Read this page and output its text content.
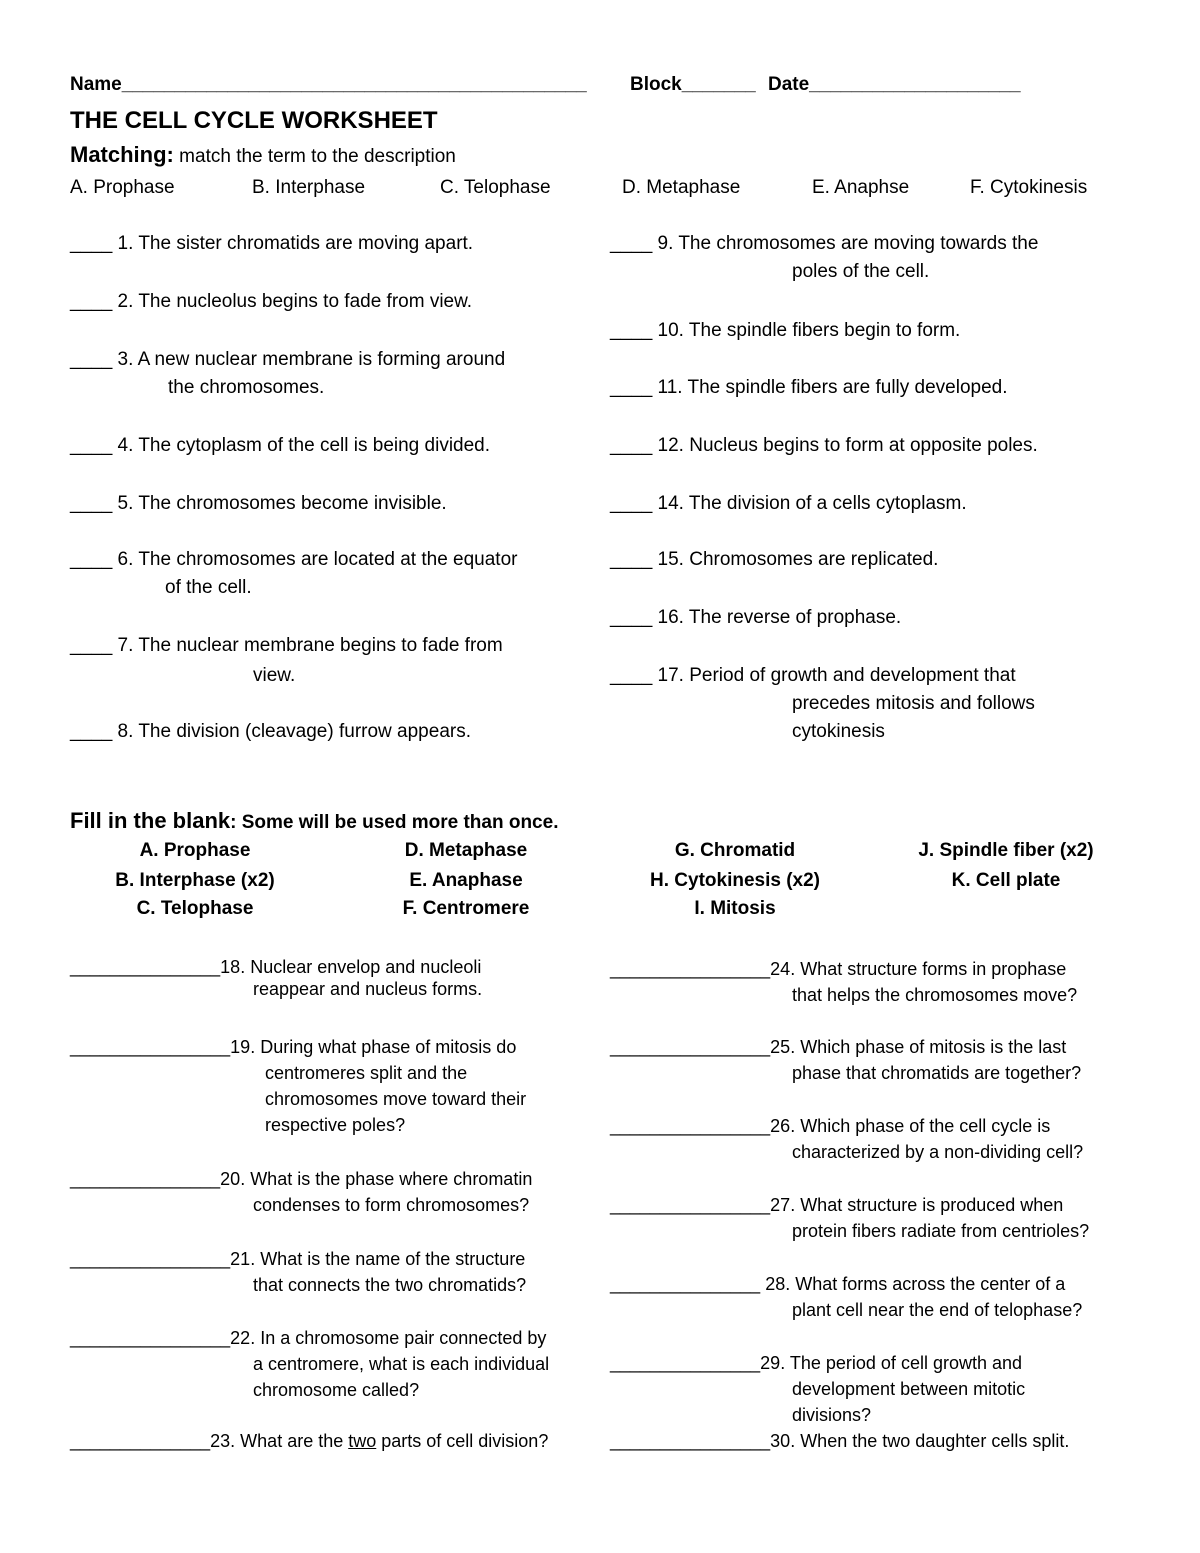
Name____________________________________________ Block_______ Date____________________
THE CELL CYCLE WORKSHEET
Matching: match the term to the description
A. Prophase	B. Interphase	C. Telophase	D. Metaphase	E. Anaphse	F. Cytokinesis
____ 1. The sister chromatids are moving apart.
____ 2. The nucleolus begins to fade from view.
____ 3. A new nuclear membrane is forming around
the chromosomes.
____ 4. The cytoplasm of the cell is being divided.
____ 5. The chromosomes become invisible.
____ 6. The chromosomes are located at the equator
of the cell.
____ 7. The nuclear membrane begins to fade from
view.
____ 8. The division (cleavage) furrow appears.
____ 9. The chromosomes are moving towards the
poles of the cell.
____ 10. The spindle fibers begin to form.
____ 11. The spindle fibers are fully developed.
____ 12. Nucleus begins to form at opposite poles.
____ 14. The division of a cells cytoplasm.
____ 15. Chromosomes are replicated.
____ 16. The reverse of prophase.
____ 17. Period of growth and development that
precedes mitosis and follows
cytokinesis
Fill in the blank: Some will be used more than once.
A. Prophase
B. Interphase (x2)
C. Telophase
D. Metaphase
E. Anaphase
F. Centromere
G. Chromatid
H. Cytokinesis (x2)
I. Mitosis
J. Spindle fiber (x2)
K. Cell plate
_______________18. Nuclear envelop and nucleoli
reappear and nucleus forms.
________________19. During what phase of mitosis do
centromeres split and the
chromosomes move toward their
respective poles?
_______________20. What is the phase where chromatin
condenses to form chromosomes?
________________21. What is the name of the structure
that connects the two chromatids?
________________22. In a chromosome pair connected by
a centromere, what is each individual
chromosome called?
______________23. What are the two parts of cell division?
________________24. What structure forms in prophase
that helps the chromosomes move?
________________25. Which phase of mitosis is the last
phase that chromatids are together?
________________26. Which phase of the cell cycle is
characterized by a non-dividing cell?
________________27. What structure is produced when
protein fibers radiate from centrioles?
_______________ 28. What forms across the center of a
plant cell near the end of telophase?
_______________29. The period of cell growth and
development between mitotic
divisions?
________________30. When the two daughter cells split.
